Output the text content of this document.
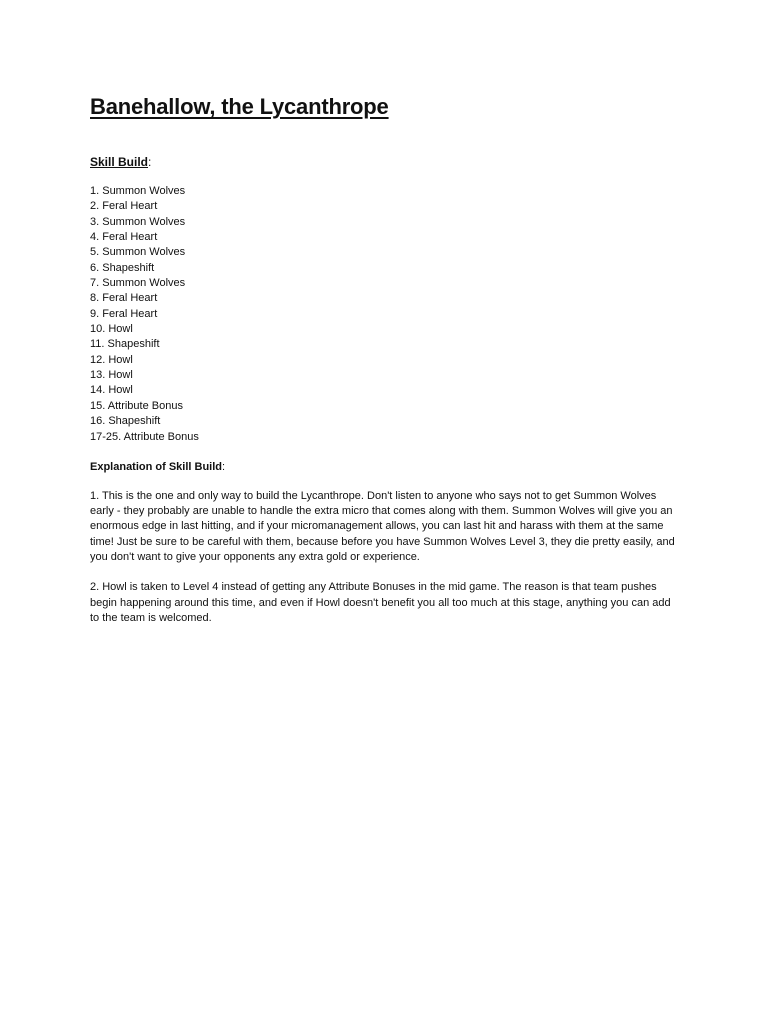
Banehallow, the Lycanthrope
Skill Build:
1. Summon Wolves
2. Feral Heart
3. Summon Wolves
4. Feral Heart
5. Summon Wolves
6. Shapeshift
7. Summon Wolves
8. Feral Heart
9. Feral Heart
10. Howl
11. Shapeshift
12. Howl
13. Howl
14. Howl
15. Attribute Bonus
16. Shapeshift
17-25. Attribute Bonus
Explanation of Skill Build:

1. This is the one and only way to build the Lycanthrope. Don't listen to anyone who says not to get Summon Wolves early - they probably are unable to handle the extra micro that comes along with them. Summon Wolves will give you an enormous edge in last hitting, and if your micromanagement allows, you can last hit and harass with them at the same time! Just be sure to be careful with them, because before you have Summon Wolves Level 3, they die pretty easily, and you don't want to give your opponents any extra gold or experience.

2. Howl is taken to Level 4 instead of getting any Attribute Bonuses in the mid game. The reason is that team pushes begin happening around this time, and even if Howl doesn't benefit you all too much at this stage, anything you can add to the team is welcomed.
